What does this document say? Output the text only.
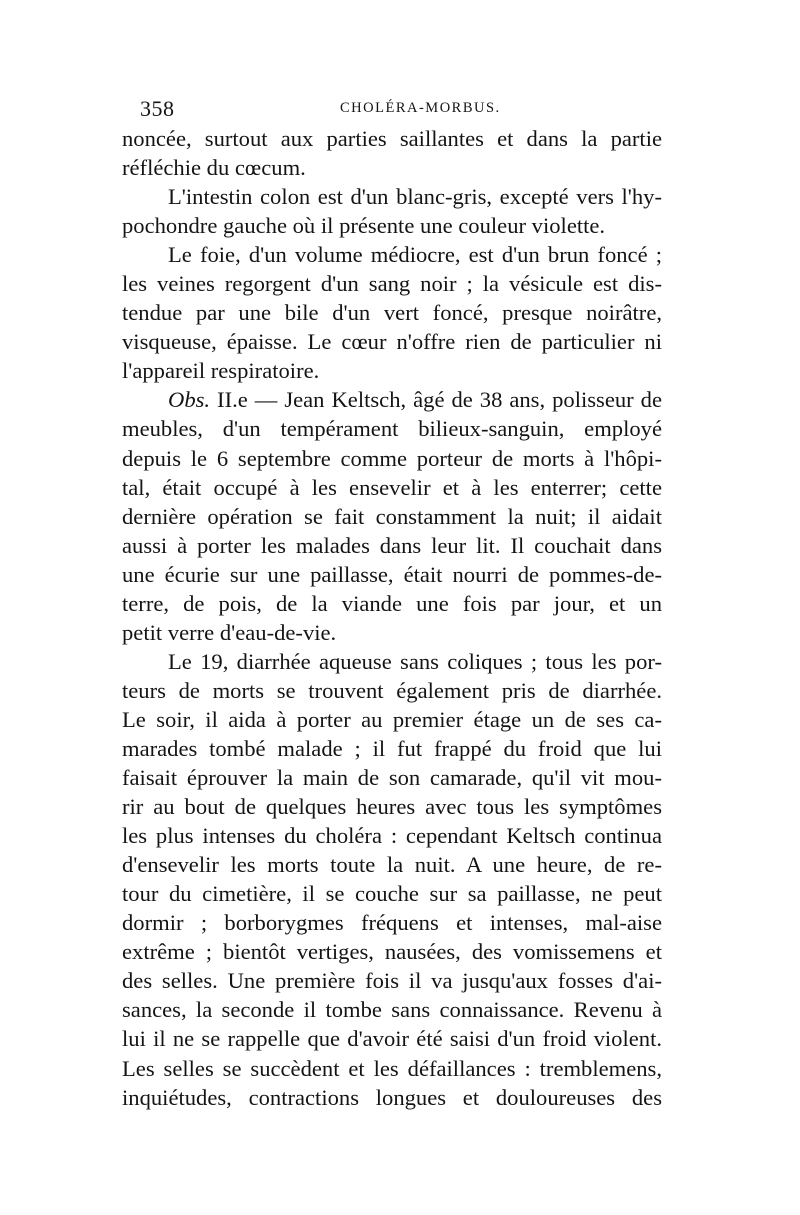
358	CHOLÉRA-MORBUS.
noncée, surtout aux parties saillantes et dans la partie
réfléchie du cœcum.
L'intestin colon est d'un blanc-gris, excepté vers l'hy-
pochondre gauche où il présente une couleur violette.
Le foie, d'un volume médiocre, est d'un brun foncé ;
les veines regorgent d'un sang noir ; la vésicule est dis-
tendue par une bile d'un vert foncé, presque noirâtre,
visqueuse, épaisse. Le cœur n'offre rien de particulier ni
l'appareil respiratoire.
Obs. II.e — Jean Keltsch, âgé de 38 ans, polisseur de
meubles, d'un tempérament bilieux-sanguin, employé
depuis le 6 septembre comme porteur de morts à l'hôpi-
tal, était occupé à les ensevelir et à les enterrer; cette
dernière opération se fait constamment la nuit; il aidait
aussi à porter les malades dans leur lit. Il couchait dans
une écurie sur une paillasse, était nourri de pommes-de-
terre, de pois, de la viande une fois par jour, et un
petit verre d'eau-de-vie.
Le 19, diarrhée aqueuse sans coliques ; tous les por-
teurs de morts se trouvent également pris de diarrhée.
Le soir, il aida à porter au premier étage un de ses ca-
marades tombé malade ; il fut frappé du froid que lui
faisait éprouver la main de son camarade, qu'il vit mou-
rir au bout de quelques heures avec tous les symptômes
les plus intenses du choléra : cependant Keltsch continua
d'ensevelir les morts toute la nuit. A une heure, de re-
tour du cimetière, il se couche sur sa paillasse, ne peut
dormir ; borborygmes fréquens et intenses, mal-aise
extrême ; bientôt vertiges, nausées, des vomissemens et
des selles. Une première fois il va jusqu'aux fosses d'ai-
sances, la seconde il tombe sans connaissance. Revenu à
lui il ne se rappelle que d'avoir été saisi d'un froid violent.
Les selles se succèdent et les défaillances : tremblemens,
inquiétudes, contractions longues et douloureuses des
